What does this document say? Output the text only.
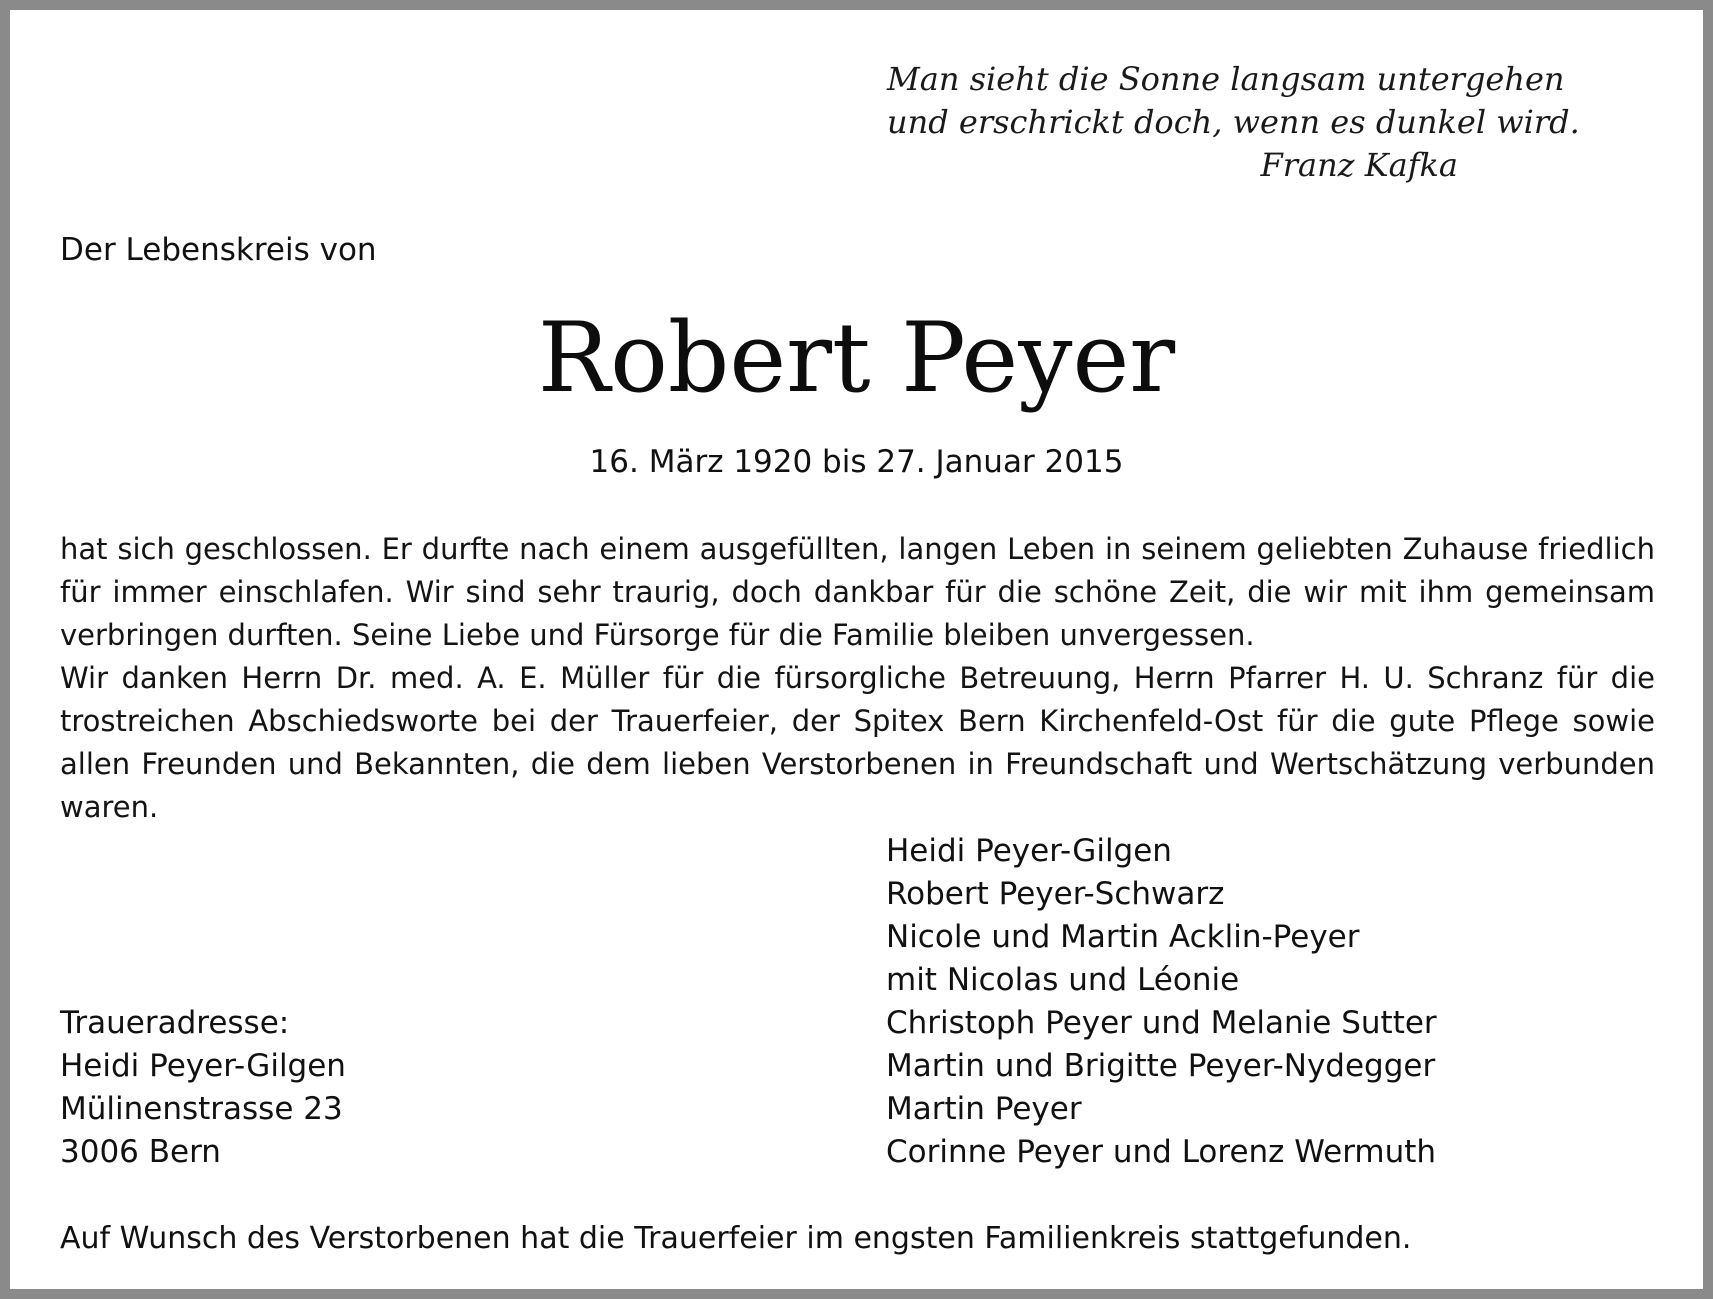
Man sieht die Sonne langsam untergehen
und erschrickt doch, wenn es dunkel wird.
Franz Kafka
Der Lebenskreis von
Robert Peyer
16. März 1920 bis 27. Januar 2015

hat sich geschlossen. Er durfte nach einem ausgefüllten, langen Leben in seinem geliebten Zuhause friedlich für immer einschlafen. Wir sind sehr traurig, doch dankbar für die schöne Zeit, die wir mit ihm gemeinsam verbringen durften. Seine Liebe und Fürsorge für die Familie bleiben unvergessen.

Wir danken Herrn Dr. med. A. E. Müller für die fürsorgliche Betreuung, Herrn Pfarrer H. U. Schranz für die trostreichen Abschiedsworte bei der Trauerfeier, der Spitex Bern Kirchenfeld-Ost für die gute Pflege sowie allen Freunden und Bekannten, die dem lieben Verstorbenen in Freundschaft und Wertschätzung verbunden waren.

Heidi Peyer-Gilgen
Robert Peyer-Schwarz
Nicole und Martin Acklin-Peyer
mit Nicolas und Léonie
Christoph Peyer und Melanie Sutter
Martin und Brigitte Peyer-Nydegger
Martin Peyer
Corinne Peyer und Lorenz Wermuth
Traueradresse:
Heidi Peyer-Gilgen
Mülinenstrasse 23
3006 Bern
Auf Wunsch des Verstorbenen hat die Trauerfeier im engsten Familienkreis stattgefunden.
